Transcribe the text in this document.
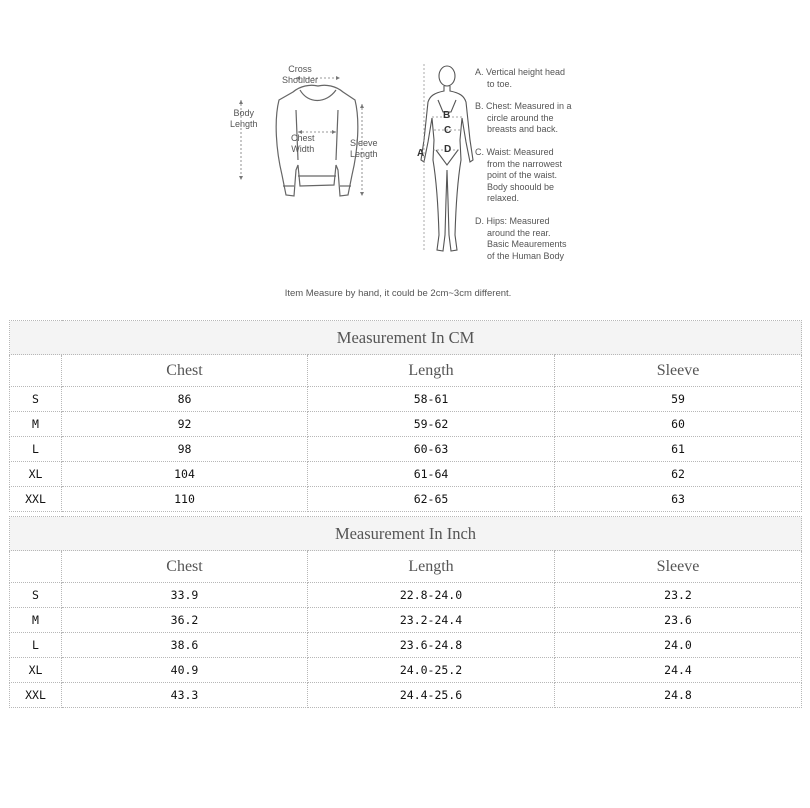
Cross
Shoulder
Body
Length
Chest
Width
Sleeve
Length	A
B
C
D
A. Vertical height head
to toe.
B. Chest: Measured in a
circle around the
breasts and back.
C. Waist: Measured
from the narrowest
point of the waist.
Body shoould be
relaxed.
D. Hips: Measured
around the rear.
Basic Meaurements
of the Human Body
Item Measure by hand, it could be 2cm~3cm different.
Measurement In CM			
	Chest	Length	Sleeve
S	86	58-61	59
M	92	59-62	60
L	98	60-63	61
XL	104	61-64	62
XXL	110	62-65	63
Measurement In Inch			
	Chest	Length	Sleeve
S	33.9	22.8-24.0	23.2
M	36.2	23.2-24.4	23.6
L	38.6	23.6-24.8	24.0
XL	40.9	24.0-25.2	24.4
XXL	43.3	24.4-25.6	24.8
